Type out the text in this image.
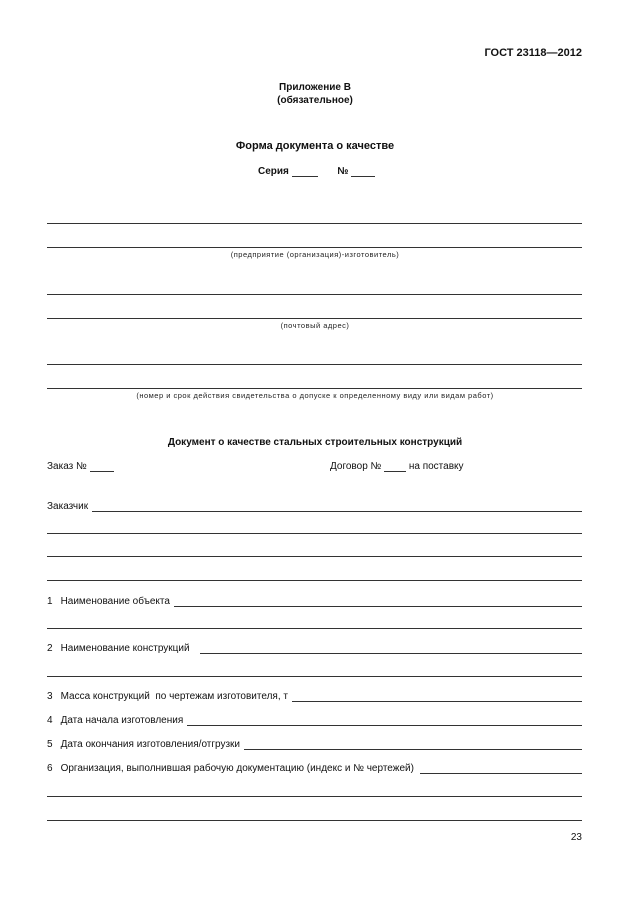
ГОСТ 23118—2012
Приложение В
(обязательное)
Форма документа о качестве
Серия	№
(предприятие (организация)-изготовитель)
(почтовый адрес)
(номер и срок действия свидетельства о допуске к определенному виду или видам работ)
Документ о качестве стальных строительных конструкций
Заказ №	Договор №	на поставку
Заказчик
1 Наименование объекта
2 Наименование конструкций
3 Масса конструкций  по чертежам изготовителя, т
4 Дата начала изготовления
5 Дата окончания изготовления/отгрузки
6 Организация, выполнившая рабочую документацию (индекс и № чертежей)
23
